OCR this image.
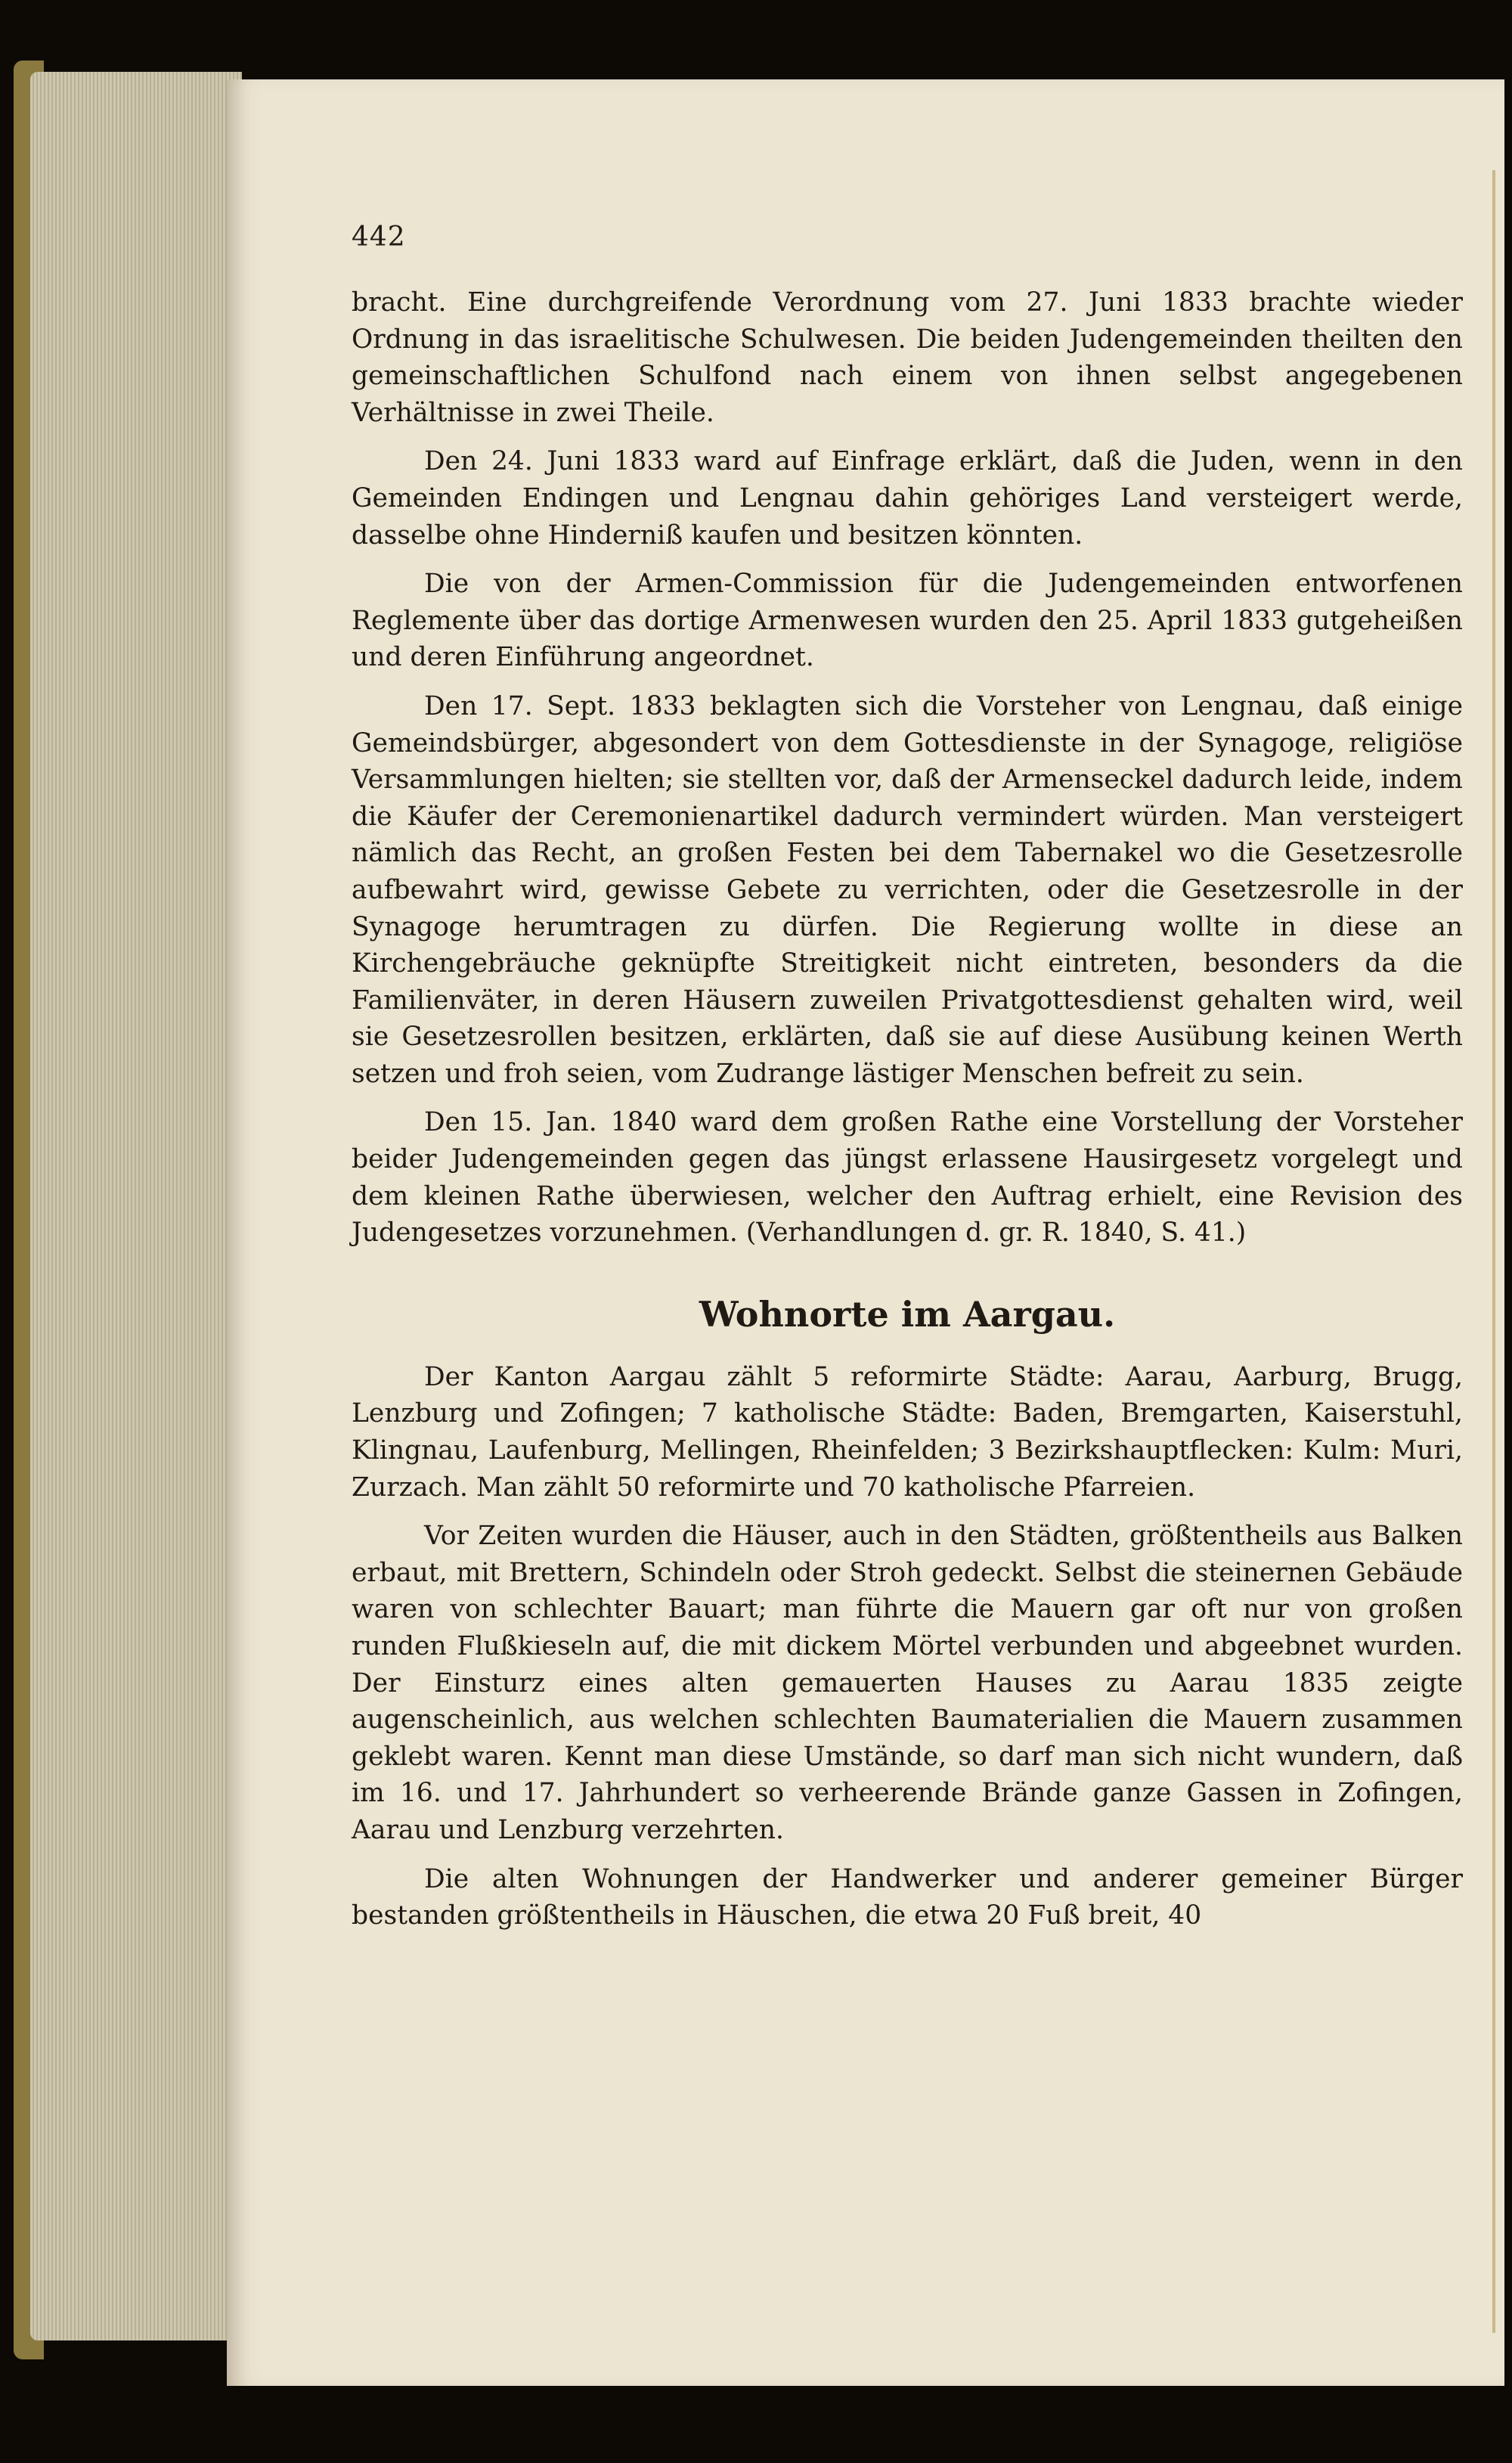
442

bracht. Eine durchgreifende Verordnung vom 27. Juni 1833 brachte wieder Ordnung in das israelitische Schulwesen. Die beiden Judengemeinden theilten den gemeinschaftlichen Schulfond nach einem von ihnen selbst angegebenen Verhältnisse in zwei Theile.

Den 24. Juni 1833 ward auf Einfrage erklärt, daß die Juden, wenn in den Gemeinden Endingen und Lengnau dahin gehöriges Land versteigert werde, dasselbe ohne Hinderniß kaufen und besitzen könnten.

Die von der Armen-Commission für die Judengemeinden entworfenen Reglemente über das dortige Armenwesen wurden den 25. April 1833 gutgeheißen und deren Einführung angeordnet.

Den 17. Sept. 1833 beklagten sich die Vorsteher von Lengnau, daß einige Gemeindsbürger, abgesondert von dem Gottesdienste in der Synagoge, religiöse Versammlungen hielten; sie stellten vor, daß der Armenseckel dadurch leide, indem die Käufer der Ceremonienartikel dadurch vermindert würden. Man versteigert nämlich das Recht, an großen Festen bei dem Tabernakel wo die Gesetzesrolle aufbewahrt wird, gewisse Gebete zu verrichten, oder die Gesetzesrolle in der Synagoge herumtragen zu dürfen. Die Regierung wollte in diese an Kirchengebräuche geknüpfte Streitigkeit nicht eintreten, besonders da die Familienväter, in deren Häusern zuweilen Privatgottesdienst gehalten wird, weil sie Gesetzesrollen besitzen, erklärten, daß sie auf diese Ausübung keinen Werth setzen und froh seien, vom Zudrange lästiger Menschen befreit zu sein.

Den 15. Jan. 1840 ward dem großen Rathe eine Vorstellung der Vorsteher beider Judengemeinden gegen das jüngst erlassene Hausirgesetz vorgelegt und dem kleinen Rathe überwiesen, welcher den Auftrag erhielt, eine Revision des Judengesetzes vorzunehmen. (Verhandlungen d. gr. R. 1840, S. 41.)

Wohnorte im Aargau.

Der Kanton Aargau zählt 5 reformirte Städte: Aarau, Aarburg, Brugg, Lenzburg und Zofingen; 7 katholische Städte: Baden, Bremgarten, Kaiserstuhl, Klingnau, Laufenburg, Mellingen, Rheinfelden; 3 Bezirkshauptflecken: Kulm: Muri, Zurzach. Man zählt 50 reformirte und 70 katholische Pfarreien.

Vor Zeiten wurden die Häuser, auch in den Städten, größtentheils aus Balken erbaut, mit Brettern, Schindeln oder Stroh gedeckt. Selbst die steinernen Gebäude waren von schlechter Bauart; man führte die Mauern gar oft nur von großen runden Flußkieseln auf, die mit dickem Mörtel verbunden und abgeebnet wurden. Der Einsturz eines alten gemauerten Hauses zu Aarau 1835 zeigte augenscheinlich, aus welchen schlechten Baumaterialien die Mauern zusammen geklebt waren. Kennt man diese Umstände, so darf man sich nicht wundern, daß im 16. und 17. Jahrhundert so verheerende Brände ganze Gassen in Zofingen, Aarau und Lenzburg verzehrten.

Die alten Wohnungen der Handwerker und anderer gemeiner Bürger bestanden größtentheils in Häuschen, die etwa 20 Fuß breit, 40
